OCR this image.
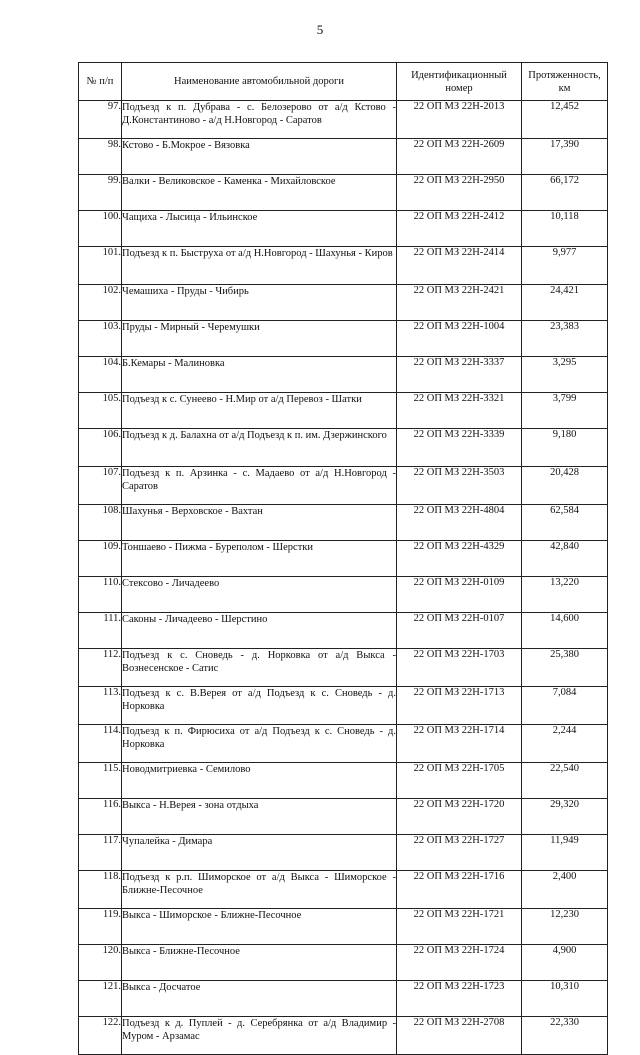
5
№ п/п	Наименование автомобильной дороги	Идентификационный номер	Протяженность, км
97.	Подъезд к п. Дубрава - с. Белозерово от а/д Кстово - Д.Константиново - а/д Н.Новгород - Саратов	22 ОП МЗ 22Н-2013	12,452
98.	Кстово - Б.Мокрое - Вязовка	22 ОП МЗ 22Н-2609	17,390
99.	Валки - Великовское - Каменка - Михайловское	22 ОП МЗ 22Н-2950	66,172
100.	Чащиха - Лысица - Ильинское	22 ОП МЗ 22Н-2412	10,118
101.	Подъезд к п. Быструха от а/д Н.Новгород - Шахунья - Киров	22 ОП МЗ 22Н-2414	9,977
102.	Чемашиха - Пруды - Чибирь	22 ОП МЗ 22Н-2421	24,421
103.	Пруды - Мирный - Черемушки	22 ОП МЗ 22Н-1004	23,383
104.	Б.Кемары - Малиновка	22 ОП МЗ 22Н-3337	3,295
105.	Подъезд к с. Сунеево - Н.Мир от а/д Перевоз - Шатки	22 ОП МЗ 22Н-3321	3,799
106.	Подъезд к д. Балахна от а/д Подъезд к п. им. Дзержинского	22 ОП МЗ 22Н-3339	9,180
107.	Подъезд к п. Арзинка - с. Мадаево от а/д Н.Новгород - Саратов	22 ОП МЗ 22Н-3503	20,428
108.	Шахунья - Верховское - Вахтан	22 ОП МЗ 22Н-4804	62,584
109.	Тоншаево - Пижма - Буреполом - Шерстки	22 ОП МЗ 22Н-4329	42,840
110.	Стексово - Личадеево	22 ОП МЗ 22Н-0109	13,220
111.	Саконы - Личадеево - Шерстино	22 ОП МЗ 22Н-0107	14,600
112.	Подъезд к с. Сноведь - д. Норковка от а/д Выкса - Вознесенское - Сатис	22 ОП МЗ 22Н-1703	25,380
113.	Подъезд к с. В.Верея от а/д Подъезд к с. Сноведь - д. Норковка	22 ОП МЗ 22Н-1713	7,084
114.	Подъезд к п. Фирюсиха от а/д Подъезд к с. Сноведь - д. Норковка	22 ОП МЗ 22Н-1714	2,244
115.	Новодмитриевка - Семилово	22 ОП МЗ 22Н-1705	22,540
116.	Выкса - Н.Верея - зона отдыха	22 ОП МЗ 22Н-1720	29,320
117.	Чупалейка - Димара	22 ОП МЗ 22Н-1727	11,949
118.	Подъезд к р.п. Шиморское от а/д Выкса - Шиморское - Ближне-Песочное	22 ОП МЗ 22Н-1716	2,400
119.	Выкса - Шиморское - Ближне-Песочное	22 ОП МЗ 22Н-1721	12,230
120.	Выкса - Ближне-Песочное	22 ОП МЗ 22Н-1724	4,900
121.	Выкса - Досчатое	22 ОП МЗ 22Н-1723	10,310
122.	Подъезд к д. Пуплей - д. Серебрянка от а/д Владимир - Муром - Арзамас	22 ОП МЗ 22Н-2708	22,330
